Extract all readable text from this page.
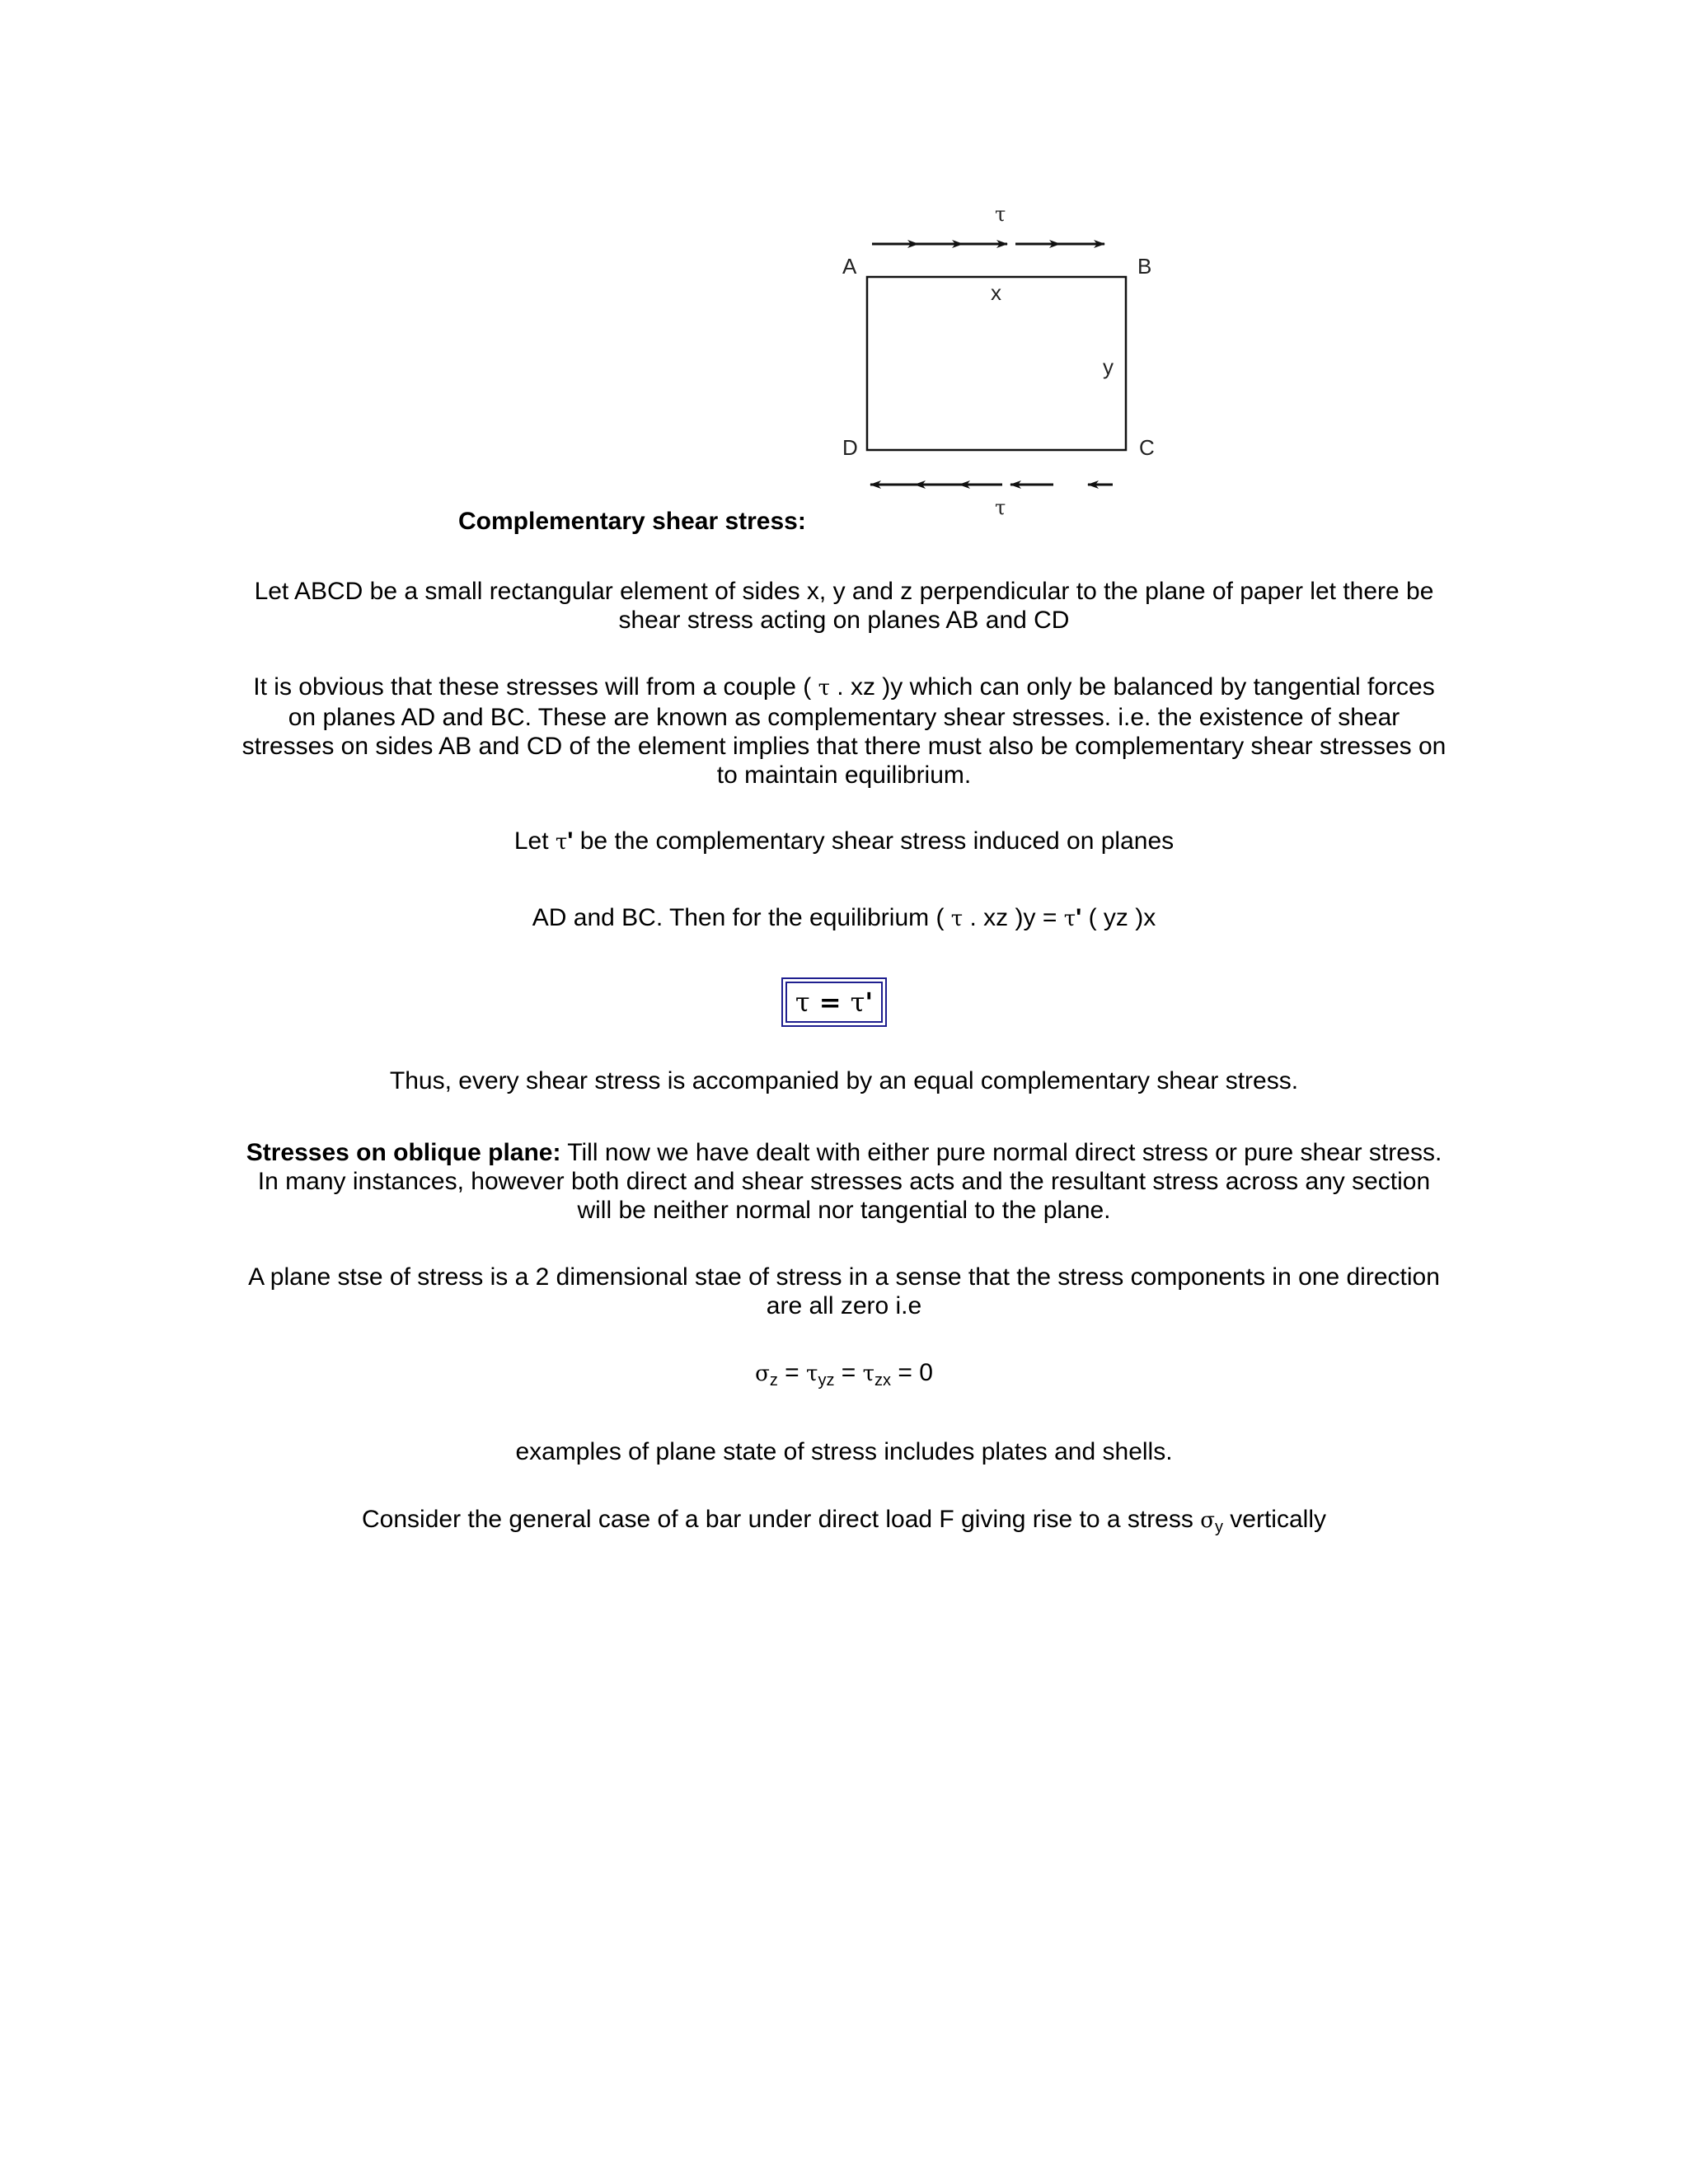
τ
A	B
D	C
x
y
τ
Complementary shear stress:
Let ABCD be a small rectangular element of sides x, y and z perpendicular to the plane of paper let there be shear stress acting on planes AB and CD
It is obvious that these stresses will from a couple ( τ . xz )y which can only be balanced by tangential forces on planes AD and BC. These are known as complementary shear stresses. i.e. the existence of shear stresses on sides AB and CD of the element implies that there must also be complementary shear stresses on to maintain equilibrium.
Let τ' be the complementary shear stress induced on planes
AD and BC. Then for the equilibrium ( τ . xz )y = τ' ( yz )x
τ = τ '
Thus, every shear stress is accompanied by an equal complementary shear stress.
Stresses on oblique plane: Till now we have dealt with either pure normal direct stress or pure shear stress. In many instances, however both direct and shear stresses acts and the resultant stress across any section will be neither normal nor tangential to the plane.
A plane stse of stress is a 2 dimensional stae of stress in a sense that the stress components in one direction are all zero i.e
$\sigma_z = \tau_{yz} = \tau_{zx} = 0$
examples of plane state of stress includes plates and shells.
Consider the general case of a bar under direct load F giving rise to a stress $\sigma_y$ vertically
